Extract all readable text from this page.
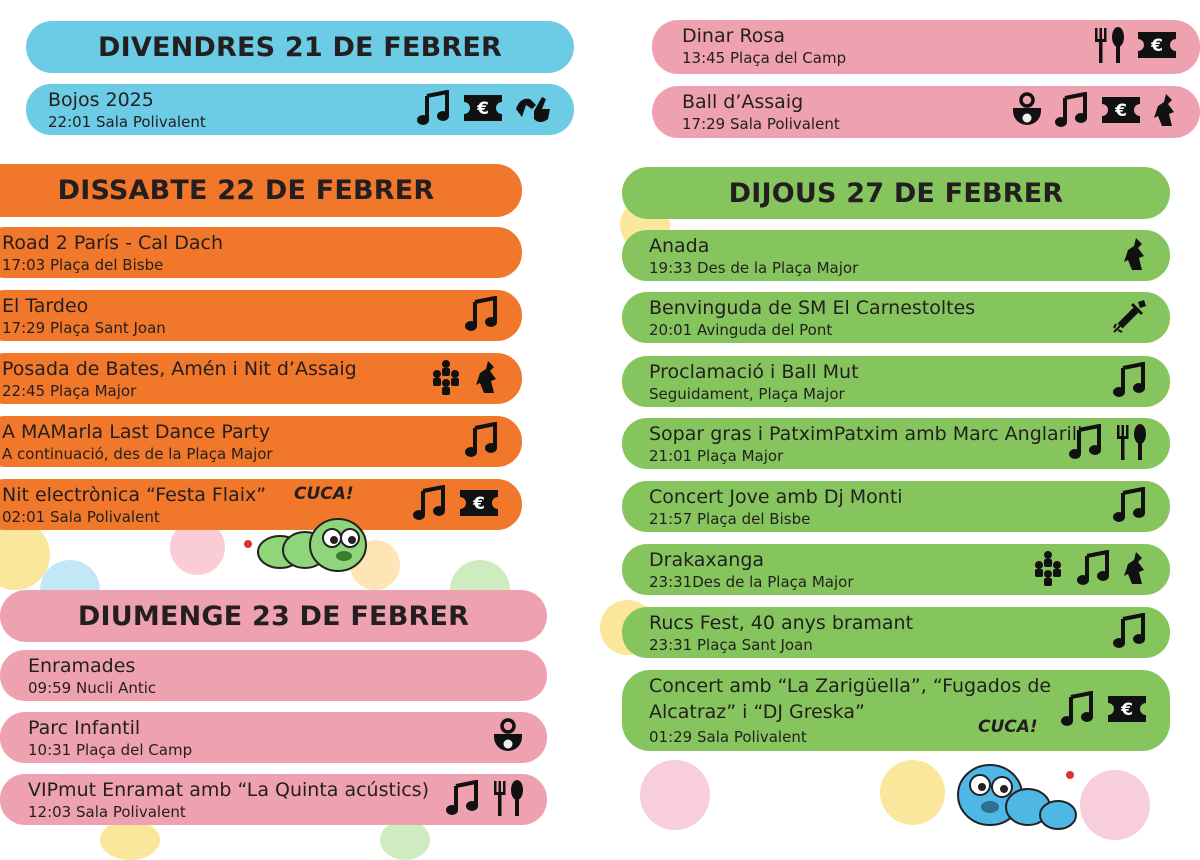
DIVENDRES 21 DE FEBRER
Bojos 2025
22:01 Sala Polivalent
€
DISSABTE 22 DE FEBRER
Road 2 París - Cal Dach
17:03 Plaça del Bisbe
El Tardeo
17:29 Plaça Sant Joan
Posada de Bates, Amén i Nit d’Assaig
22:45 Plaça Major
A MAMarla Last Dance Party
A continuació, des de la Plaça Major
Nit electrònica “Festa Flaix”
02:01 Sala Polivalent
€
CUCA!
DIUMENGE 23 DE FEBRER
Enramades
09:59 Nucli Antic
Parc Infantil
10:31 Plaça del Camp
VIPmut Enramat amb “La Quinta acústics)
12:03 Sala Polivalent
Dinar Rosa
13:45 Plaça del Camp
€
Ball d’Assaig
17:29 Sala Polivalent
€
DIJOUS 27 DE FEBRER
Anada
19:33 Des de la Plaça Major
Benvinguda de SM El Carnestoltes
20:01 Avinguda del Pont
Proclamació i Ball Mut
Seguidament, Plaça Major
Sopar gras i PatximPatxim amb Marc Anglarill
21:01 Plaça Major
Concert Jove amb Dj Monti
21:57 Plaça del Bisbe
Drakaxanga
23:31Des de la Plaça Major
Rucs Fest, 40 anys bramant
23:31 Plaça Sant Joan
Concert amb “La Zarigüella”, “Fugados de
Alcatraz” i “DJ Greska”
01:29 Sala Polivalent
€
CUCA!
